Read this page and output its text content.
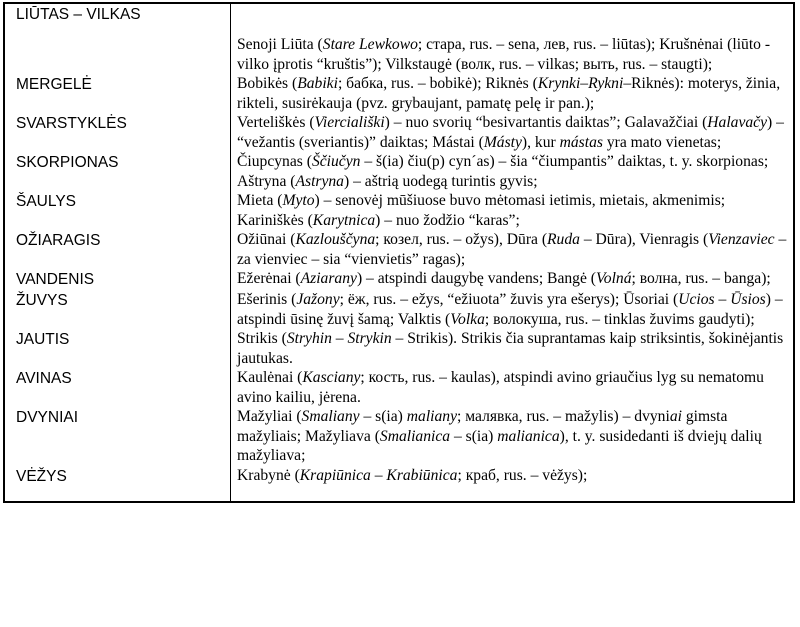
LIŪTAS – VILKAS	Senoji Liūta (Stare Lewkowo; стара, rus. – sena, лев, rus. – liūtas); Krušnėnai (liūto - vilko įprotis “kruštis”); Vilkstaugė (волк, rus. – vilkas; выть, rus. – staugti);
MERGELĖ	Bobikės (Babiki; бабка, rus. – bobikė); Riknės (Krynki–Rykni–Riknės): moterys, žinia, rikteli, susirėkauja (pvz. grybaujant, pamatę pelę ir pan.);
SVARSTYKLĖS	Verteliškės (Vierciališki) – nuo svorių “besivartantis daiktas”; Galavažčiai (Halavačy) – “vežantis (sveriantis)” daiktas; Mástai (Másty), kur mástas yra mato vienetas;
SKORPIONAS	Čiupcynas (Ščiučyn – š(ia) čiu(p) cyn´as) – šia “čiumpantis” daiktas, t. y. skorpionas; Aštryna (Astryna) – aštrią uodegą turintis gyvis;
ŠAULYS	Mieta (Myto) – senovėj mūšiuose buvo mėtomasi ietimis, mietais, akmenimis; Kariniškės (Karytnica) – nuo žodžio “karas”;
OŽIARAGIS	Ožiūnai (Kazlouščyna; козел, rus. – ožys), Dūra (Ruda – Dūra), Vienragis (Vienzaviec – za vienviec – sia “vienvietis” ragas);
VANDENIS	Ežerėnai (Aziarany) – atspindi daugybę vandens; Bangė (Volná; волна, rus. – banga);
ŽUVYS	Ešerinis (Jažony; ёж, rus. – ežys, “ežiuota” žuvis yra ešerys); Ūsoriai (Ucios – Ūsios) – atspindi ūsinę žuvį šamą; Valktis (Volka; волокуша, rus. – tinklas žuvims gaudyti);
JAUTIS	Strikis (Stryhin – Strykin – Strikis). Strikis čia suprantamas kaip striksintis, šokinėjantis jautukas.
AVINAS	Kaulėnai (Kasciany; кость, rus. – kaulas), atspindi avino griaučius lyg su nematomu avino kailiu, jėrena.
DVYNIAI	Mažyliai (Smaliany – s(ia) maliany; малявка, rus. – mažylis) – dvyniai gimsta mažyliais; Mažyliava (Smalianica – s(ia) malianica), t. y. susidedanti iš dviejų dalių mažyliava;
VĖŽYS	Krabynė (Krapiūnica – Krabiūnica; краб, rus. – vėžys);
